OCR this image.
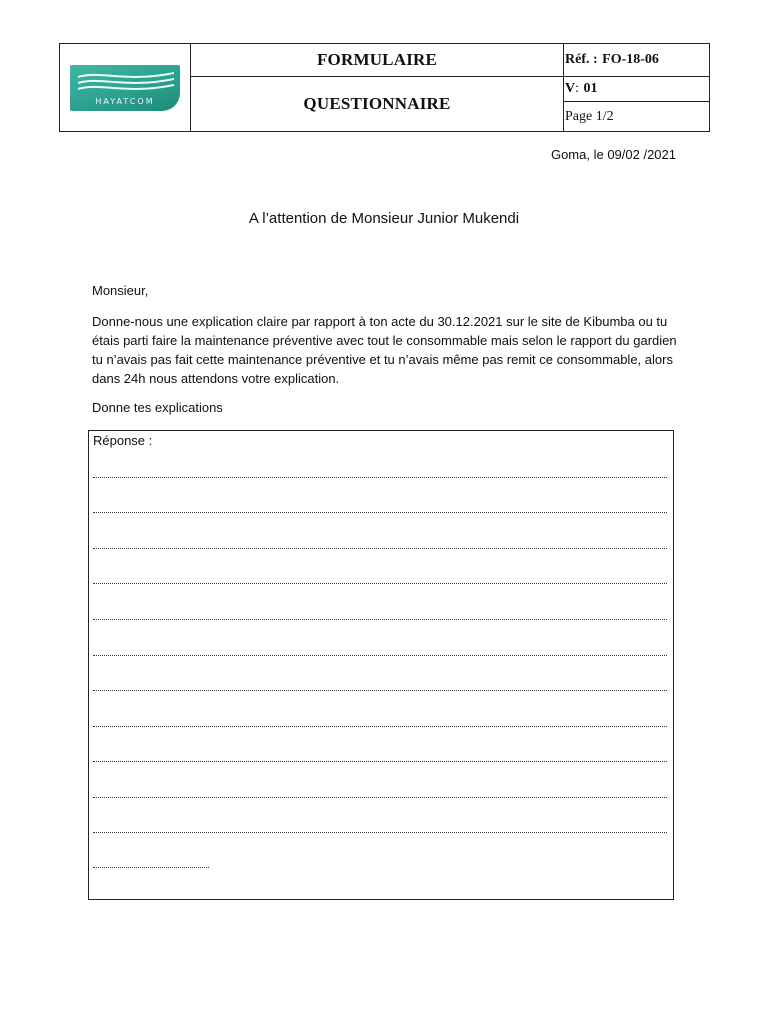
HAYATCOM	FORMULAIRE	Réf. : FO-18-06
	QUESTIONNAIRE	V: 01
		Page 1/2
Goma, le 09/02 /2021
A l’attention de Monsieur Junior Mukendi
Monsieur,
Donne-nous une explication claire par rapport à ton acte du 30.12.2021 sur le site de Kibumba ou tu étais parti faire la maintenance préventive avec tout le consommable mais selon le rapport du gardien tu n’avais pas fait cette maintenance préventive et tu n’avais même pas remit ce consommable, alors dans 24h nous attendons votre explication.
Donne tes explications
Réponse :
